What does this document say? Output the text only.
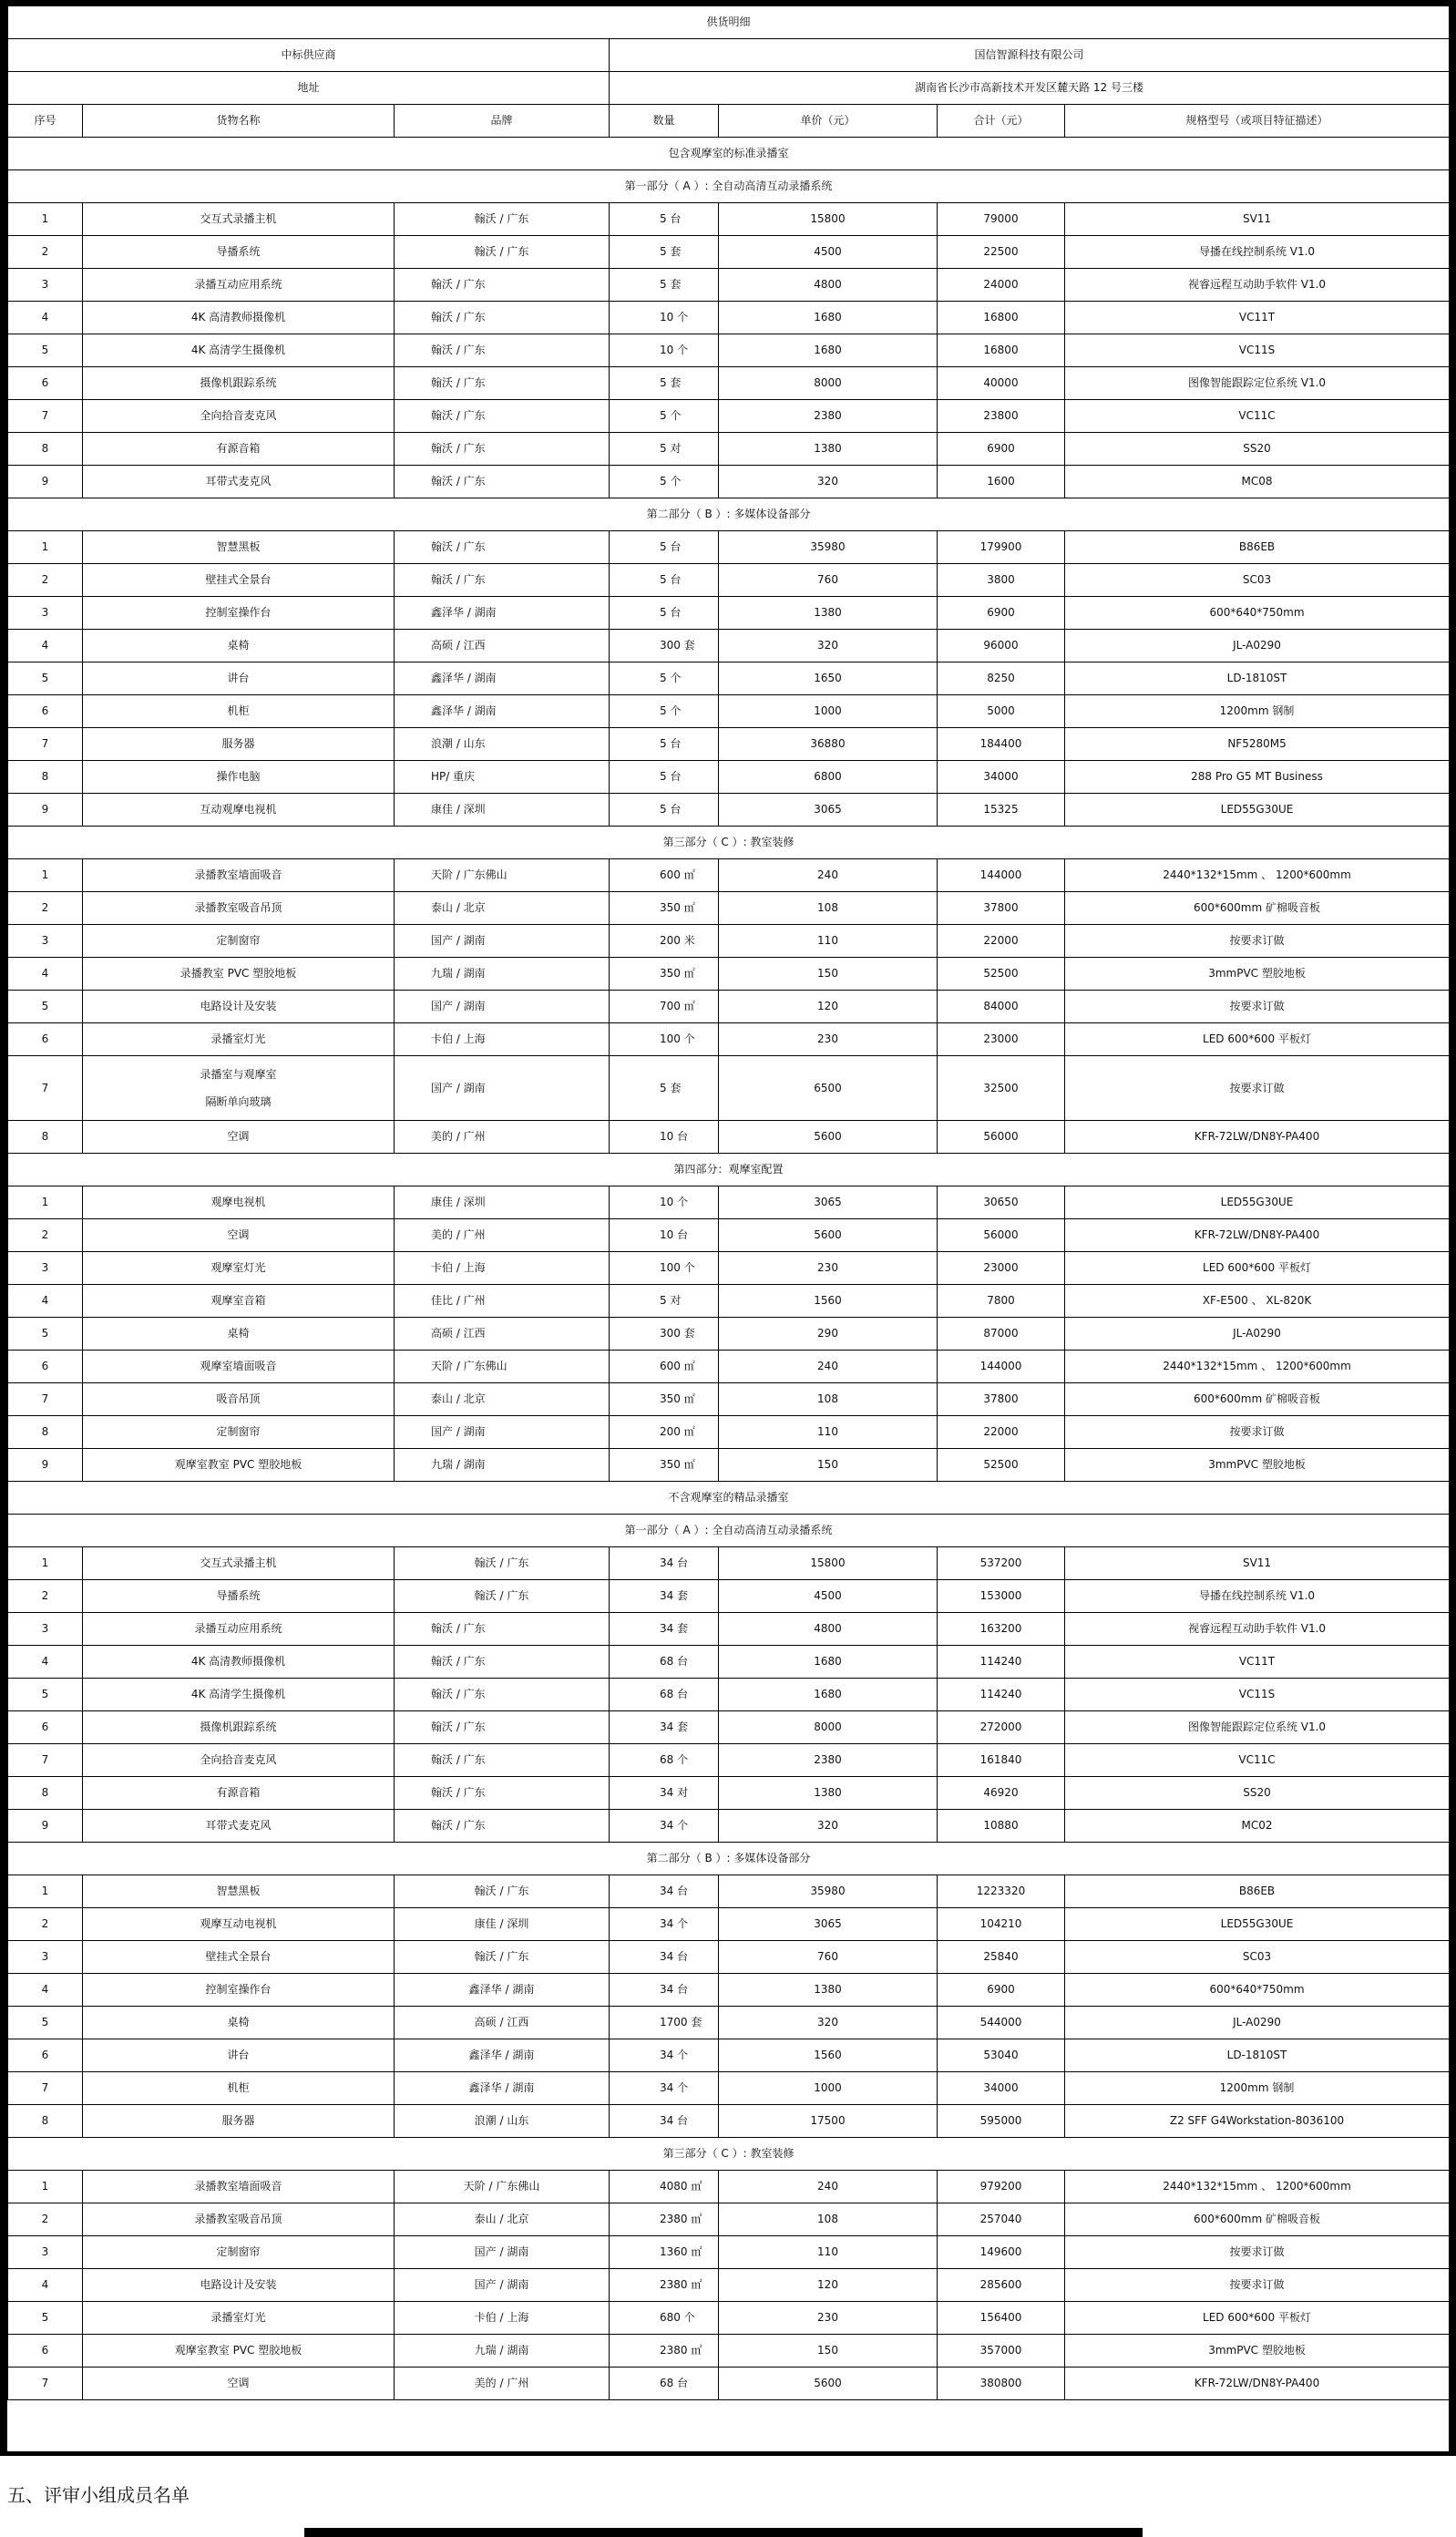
供货明细						
中标供应商			国信智源科技有限公司			
地址			湖南省长沙市高新技术开发区麓天路 12 号三楼			
序号	货物名称	品牌	数量	单价（元）	合计（元）	规格型号（或项目特征描述）
包含观摩室的标准录播室						
第一部分（ A ）: 全自动高清互动录播系统						
1	交互式录播主机	翰沃 / 广东	5 台	15800	79000	SV11
2	导播系统	翰沃 / 广东	5 套	4500	22500	导播在线控制系统 V1.0
3	录播互动应用系统	翰沃 / 广东	5 套	4800	24000	视睿远程互动助手软件 V1.0
4	4K 高清教师摄像机	翰沃 / 广东	10 个	1680	16800	VC11T
5	4K 高清学生摄像机	翰沃 / 广东	10 个	1680	16800	VC11S
6	摄像机跟踪系统	翰沃 / 广东	5 套	8000	40000	图像智能跟踪定位系统 V1.0
7	全向拾音麦克风	翰沃 / 广东	5 个	2380	23800	VC11C
8	有源音箱	翰沃 / 广东	5 对	1380	6900	SS20
9	耳带式麦克风	翰沃 / 广东	5 个	320	1600	MC08
第二部分（ B ）: 多媒体设备部分						
1	智慧黑板	翰沃 / 广东	5 台	35980	179900	B86EB
2	壁挂式全景台	翰沃 / 广东	5 台	760	3800	SC03
3	控制室操作台	鑫泽华 / 湖南	5 台	1380	6900	600*640*750mm
4	桌椅	高硕 / 江西	300 套	320	96000	JL-A0290
5	讲台	鑫泽华 / 湖南	5 个	1650	8250	LD-1810ST
6	机柜	鑫泽华 / 湖南	5 个	1000	5000	1200mm 钢制
7	服务器	浪潮 / 山东	5 台	36880	184400	NF5280M5
8	操作电脑	HP/ 重庆	5 台	6800	34000	288 Pro G5 MT Business
9	互动观摩电视机	康佳 / 深圳	5 台	3065	15325	LED55G30UE
第三部分（ C ）: 教室装修						
1	录播教室墙面吸音	天阶 / 广东佛山	600 ㎡	240	144000	2440*132*15mm 、 1200*600mm
2	录播教室吸音吊顶	泰山 / 北京	350 ㎡	108	37800	600*600mm 矿棉吸音板
3	定制窗帘	国产 / 湖南	200 米	110	22000	按要求订做
4	录播教室 PVC 塑胶地板	九瑞 / 湖南	350 ㎡	150	52500	3mmPVC 塑胶地板
5	电路设计及安装	国产 / 湖南	700 ㎡	120	84000	按要求订做
6	录播室灯光	卡伯 / 上海	100 个	230	23000	LED 600*600 平板灯
7	录播室与观摩室
隔断单向玻璃	国产 / 湖南	5 套	6500	32500	按要求订做
8	空调	美的 / 广州	10 台	5600	56000	KFR-72LW/DN8Y-PA400
第四部分：观摩室配置						
1	观摩电视机	康佳 / 深圳	10 个	3065	30650	LED55G30UE
2	空调	美的 / 广州	10 台	5600	56000	KFR-72LW/DN8Y-PA400
3	观摩室灯光	卡伯 / 上海	100 个	230	23000	LED 600*600 平板灯
4	观摩室音箱	佳比 / 广州	5 对	1560	7800	XF-E500 、 XL-820K
5	桌椅	高硕 / 江西	300 套	290	87000	JL-A0290
6	观摩室墙面吸音	天阶 / 广东佛山	600 ㎡	240	144000	2440*132*15mm 、 1200*600mm
7	吸音吊顶	泰山 / 北京	350 ㎡	108	37800	600*600mm 矿棉吸音板
8	定制窗帘	国产 / 湖南	200 ㎡	110	22000	按要求订做
9	观摩室教室 PVC 塑胶地板	九瑞 / 湖南	350 ㎡	150	52500	3mmPVC 塑胶地板
不含观摩室的精品录播室						
第一部分（ A ）: 全自动高清互动录播系统						
1	交互式录播主机	翰沃 / 广东	34 台	15800	537200	SV11
2	导播系统	翰沃 / 广东	34 套	4500	153000	导播在线控制系统 V1.0
3	录播互动应用系统	翰沃 / 广东	34 套	4800	163200	视睿远程互动助手软件 V1.0
4	4K 高清教师摄像机	翰沃 / 广东	68 台	1680	114240	VC11T
5	4K 高清学生摄像机	翰沃 / 广东	68 台	1680	114240	VC11S
6	摄像机跟踪系统	翰沃 / 广东	34 套	8000	272000	图像智能跟踪定位系统 V1.0
7	全向拾音麦克风	翰沃 / 广东	68 个	2380	161840	VC11C
8	有源音箱	翰沃 / 广东	34 对	1380	46920	SS20
9	耳带式麦克风	翰沃 / 广东	34 个	320	10880	MC02
第二部分（ B ）: 多媒体设备部分						
1	智慧黑板	翰沃 / 广东	34 台	35980	1223320	B86EB
2	观摩互动电视机	康佳 / 深圳	34 个	3065	104210	LED55G30UE
3	壁挂式全景台	翰沃 / 广东	34 台	760	25840	SC03
4	控制室操作台	鑫泽华 / 湖南	34 台	1380	6900	600*640*750mm
5	桌椅	高硕 / 江西	1700 套	320	544000	JL-A0290
6	讲台	鑫泽华 / 湖南	34 个	1560	53040	LD-1810ST
7	机柜	鑫泽华 / 湖南	34 个	1000	34000	1200mm 钢制
8	服务器	浪潮 / 山东	34 台	17500	595000	Z2 SFF G4Workstation-8036100
第三部分（ C ）: 教室装修						
1	录播教室墙面吸音	天阶 / 广东佛山	4080 ㎡	240	979200	2440*132*15mm 、 1200*600mm
2	录播教室吸音吊顶	泰山 / 北京	2380 ㎡	108	257040	600*600mm 矿棉吸音板
3	定制窗帘	国产 / 湖南	1360 ㎡	110	149600	按要求订做
4	电路设计及安装	国产 / 湖南	2380 ㎡	120	285600	按要求订做
5	录播室灯光	卡伯 / 上海	680 个	230	156400	LED 600*600 平板灯
6	观摩室教室 PVC 塑胶地板	九瑞 / 湖南	2380 ㎡	150	357000	3mmPVC 塑胶地板
7	空调	美的 / 广州	68 台	5600	380800	KFR-72LW/DN8Y-PA400
五、评审小组成员名单
